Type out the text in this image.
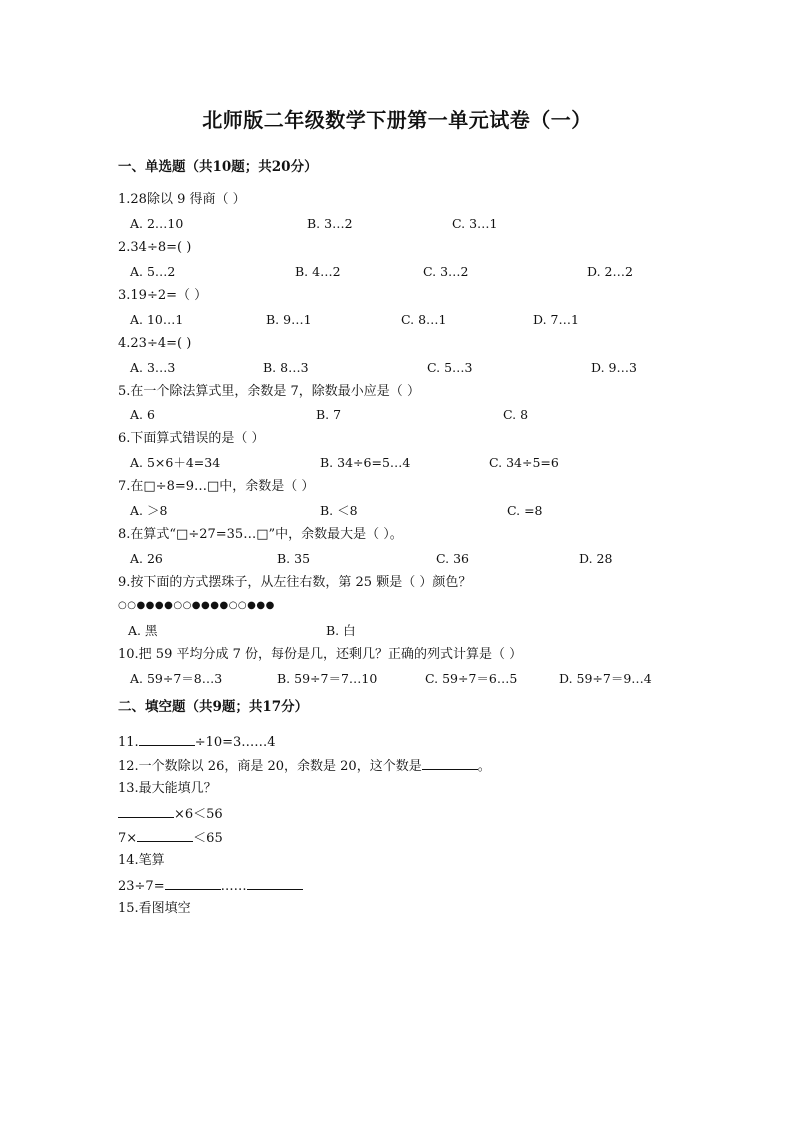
北师版二年级数学下册第一单元试卷（一）
一、单选题（共10题；共20分）
1.28除以 9 得商（ ）
A. 2…10	B. 3…2	C. 3…1
2.34÷8=( )
A. 5…2	B. 4…2	C. 3…2	D. 2…2
3.19÷2=（ ）
A. 10…1	B. 9…1	C. 8…1	D. 7…1
4.23÷4=( )
A. 3…3	B. 8…3	C. 5…3	D. 9…3
5.在一个除法算式里，余数是 7，除数最小应是（ ）
A. 6	B. 7	C. 8
6.下面算式错误的是（ ）
A. 5×6＋4=34	B. 34÷6=5…4	C. 34÷5=6
7.在□÷8=9…□中，余数是（ ）
A. ＞8	B. ＜8	C. =8
8.在算式“□÷27=35…□”中，余数最大是（ ）。
A. 26	B. 35	C. 36	D. 28
9.按下面的方式摆珠子，从左往右数，第 25 颗是（ ）颜色？
○○●●●●○○●●●●○○●●●
A. 黑	B. 白
10.把 59 平均分成 7 份，每份是几，还剩几？正确的列式计算是（ ）
A. 59÷7＝8…3	B. 59÷7＝7…10	C. 59÷7＝6…5	D. 59÷7＝9…4
二、填空题（共9题；共17分）
11.	÷10=3……4
12.一个数除以 26，商是 20，余数是 20，这个数是	。
13.最大能填几？
×6＜56
7×	＜65
14.笔算
23÷7=	……
15.看图填空
